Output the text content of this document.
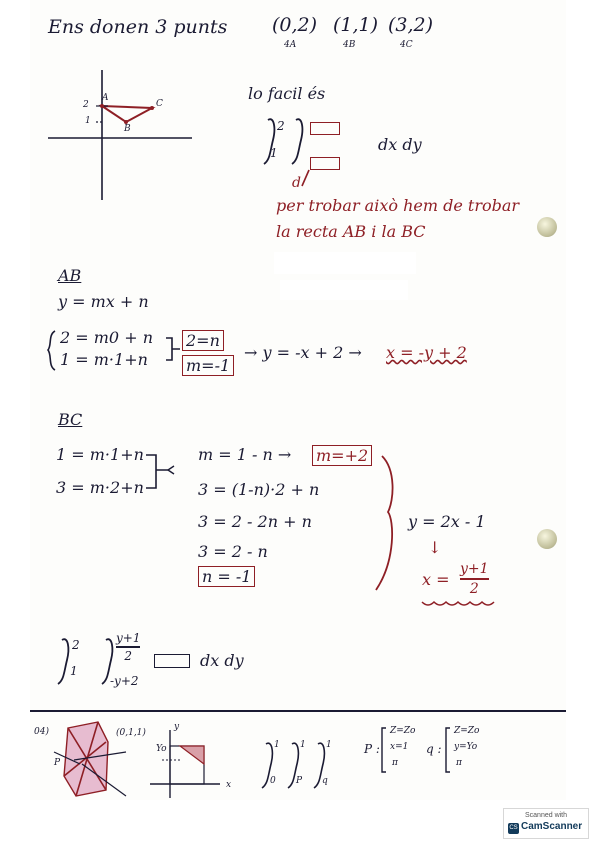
Ens donen 3 punts (0,2) (1,1) (3,2)
4A	4B	4C
A
B
C
2
1
lo facil és
2
1	dx dy
d
per trobar això hem de trobar
la recta AB i la BC
AB
y = mx + n
2 = m0 + n
1 = m·1+n
2=n
m=-1
→ y = -x + 2 → x = -y + 2
BC
1 = m·1+n
3 = m·2+n
m = 1 - n → m=+2
3 = (1-n)·2 + n
3 = 2 - 2n + n
3 = 2 - n
n = -1
y = 2x - 1
↓
x =
y+1
2
2
1
y+1
2
-y+2
dx dy
04)	(0,1,1)
P
y
x
Yo	1
0
1
P
1
q
P :
Z=Zo
x=1
π
q :
Z=Zo
y=Yo
π
Scanned with
CS CamScanner
